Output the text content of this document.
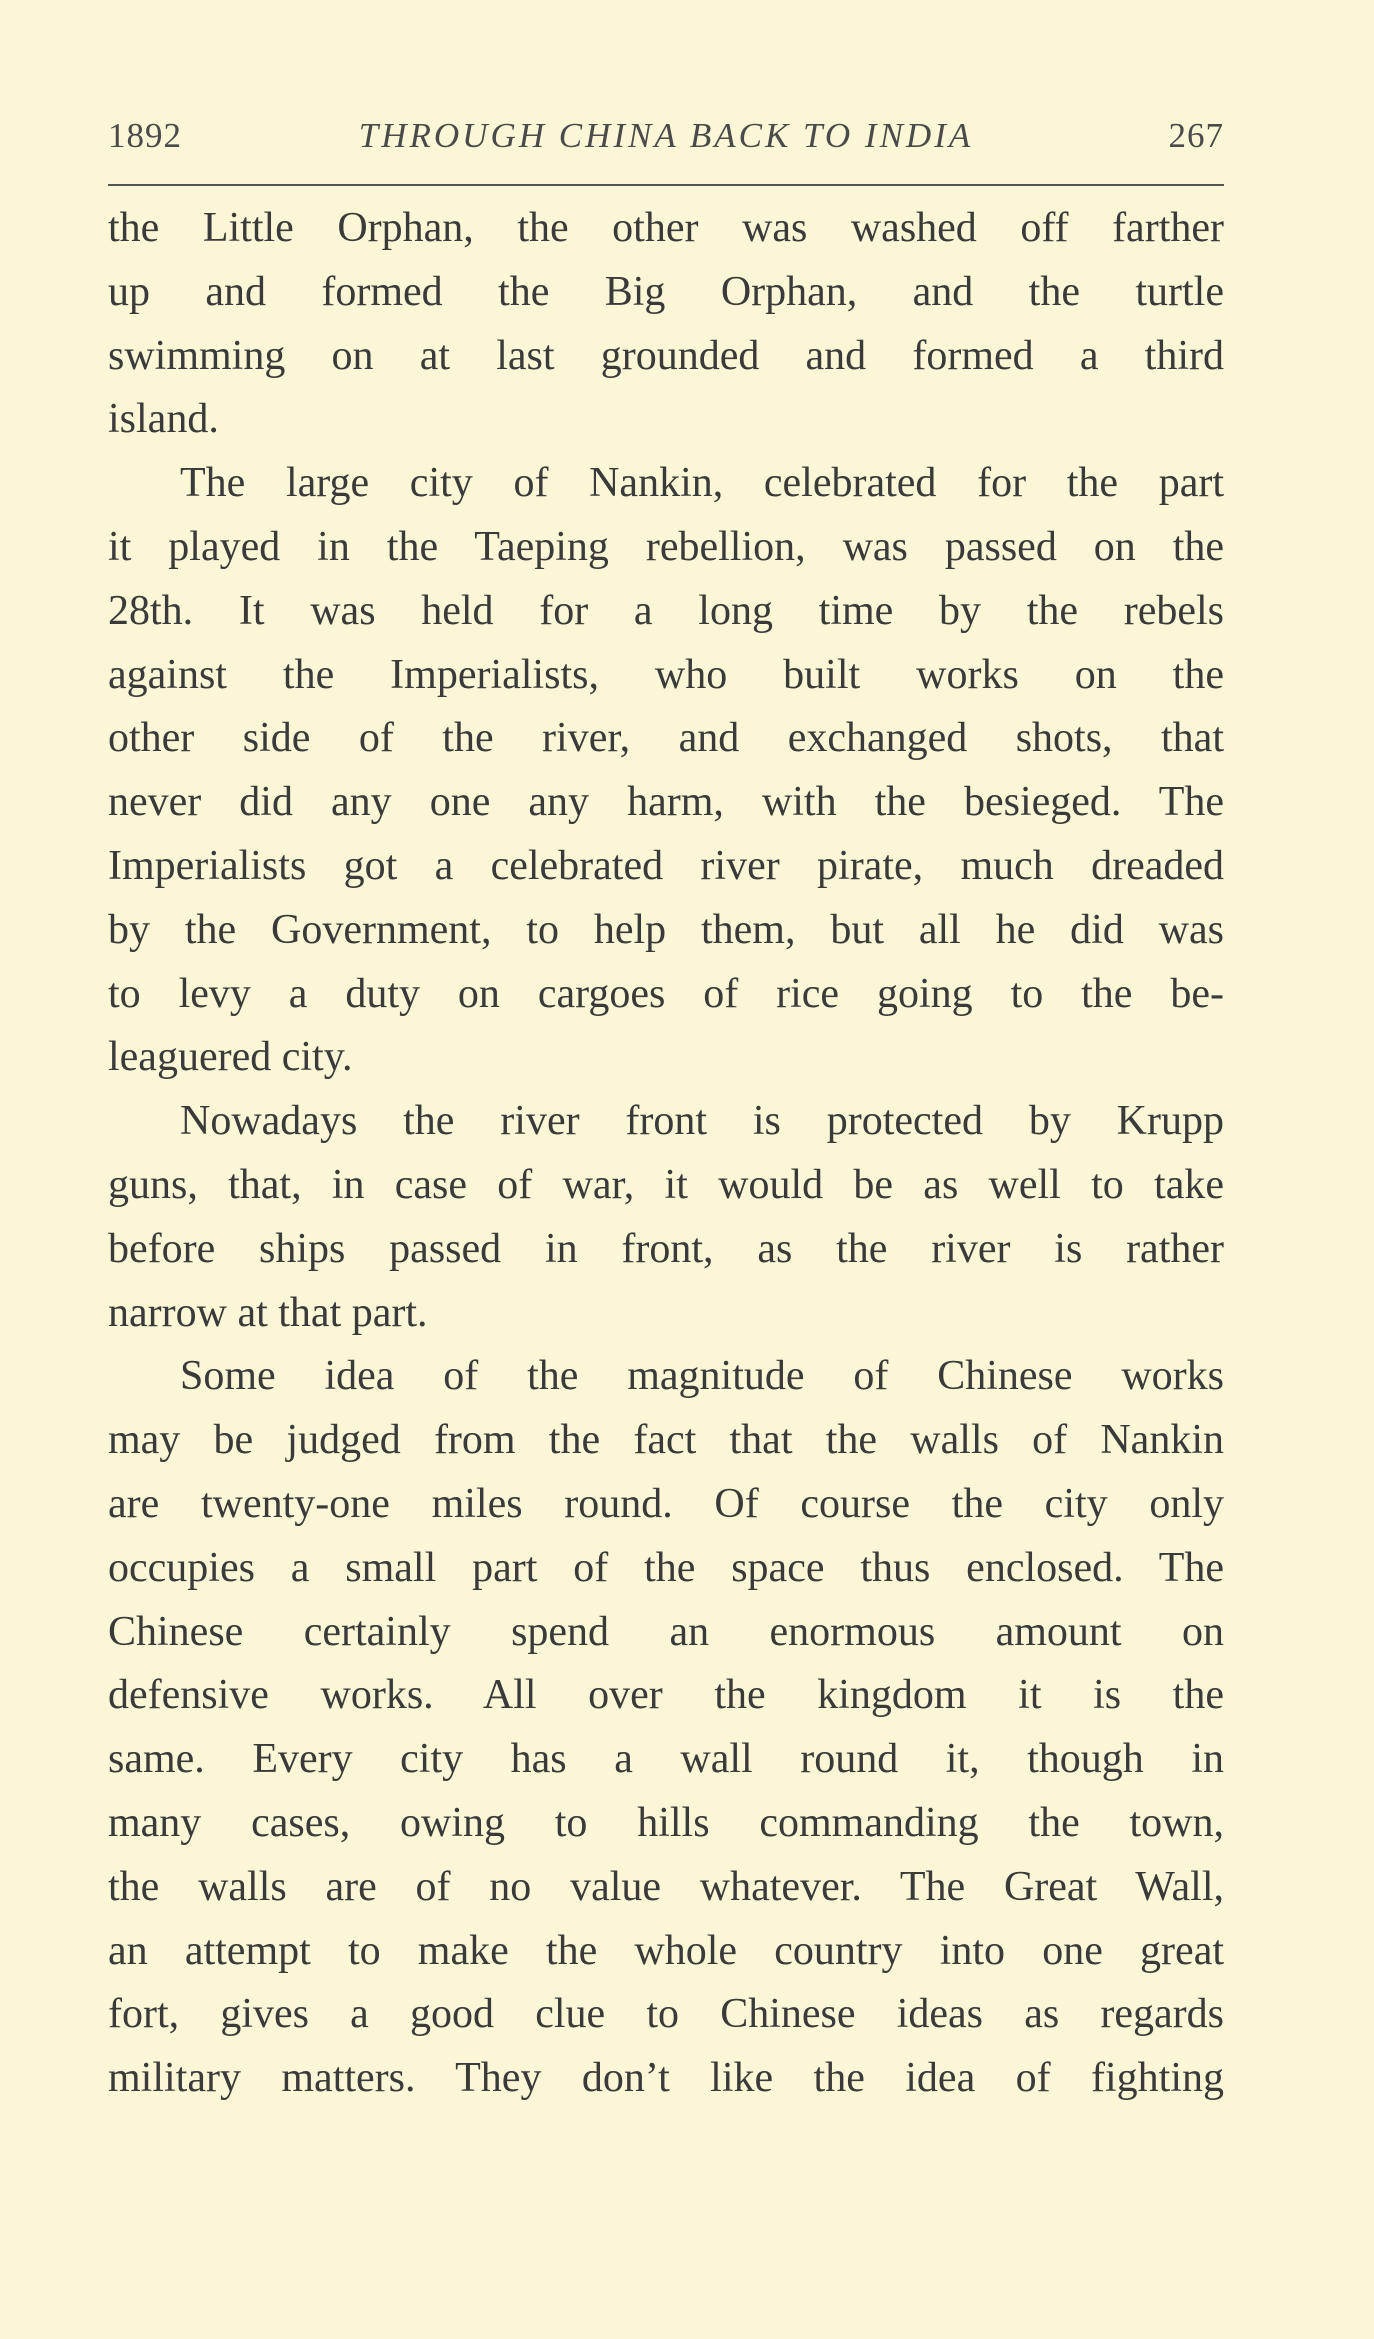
1892	THROUGH CHINA BACK TO INDIA	267
the Little Orphan, the other was washed off farther
up and formed the Big Orphan, and the turtle
swimming on at last grounded and formed a third
island.
The large city of Nankin, celebrated for the part
it played in the Taeping rebellion, was passed on the
28th. It was held for a long time by the rebels
against the Imperialists, who built works on the
other side of the river, and exchanged shots, that
never did any one any harm, with the besieged. The
Imperialists got a celebrated river pirate, much dreaded
by the Government, to help them, but all he did was
to levy a duty on cargoes of rice going to the be-
leaguered city.
Nowadays the river front is protected by Krupp
guns, that, in case of war, it would be as well to take
before ships passed in front, as the river is rather
narrow at that part.
Some idea of the magnitude of Chinese works
may be judged from the fact that the walls of Nankin
are twenty-one miles round. Of course the city only
occupies a small part of the space thus enclosed. The
Chinese certainly spend an enormous amount on
defensive works. All over the kingdom it is the
same. Every city has a wall round it, though in
many cases, owing to hills commanding the town,
the walls are of no value whatever. The Great Wall,
an attempt to make the whole country into one great
fort, gives a good clue to Chinese ideas as regards
military matters. They don’t like the idea of fighting
